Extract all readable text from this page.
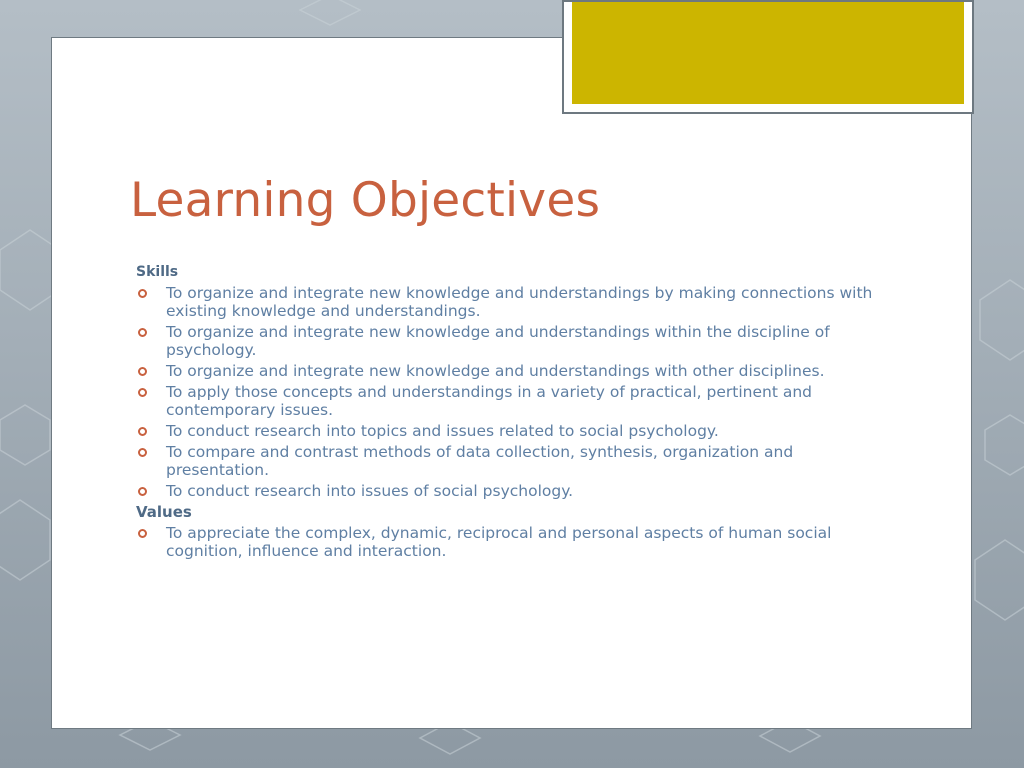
Learning Objectives
Skills
To organize and integrate new knowledge and understandings by making connections with existing knowledge and understandings.
To organize and integrate new knowledge and understandings within the discipline of psychology.
To organize and integrate new knowledge and understandings with other disciplines.
To apply those concepts and understandings in a variety of practical, pertinent and contemporary issues.
To conduct research into topics and issues related to social psychology.
To compare and contrast methods of data collection, synthesis, organization and presentation.
To conduct research into issues of social psychology.
Values
To appreciate the complex, dynamic, reciprocal and personal aspects of human social cognition, influence and interaction.
